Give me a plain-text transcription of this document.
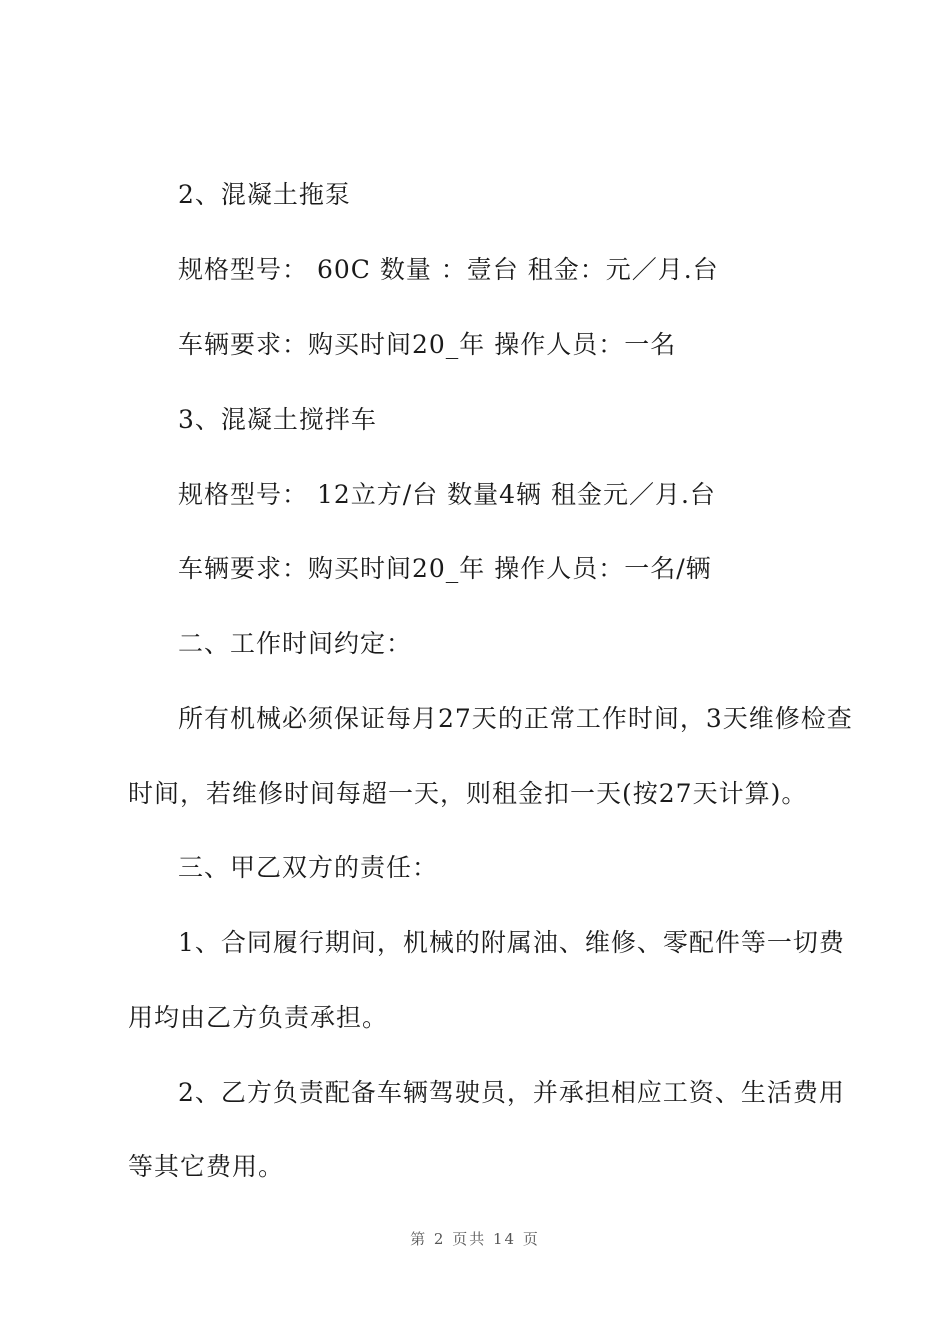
2、混凝土拖泵
规格型号： 60C 数量 ：壹台 租金：元／月.台
车辆要求：购买时间20_年 操作人员：一名
3、混凝土搅拌车
规格型号： 12立方/台 数量4辆 租金元／月.台
车辆要求：购买时间20_年 操作人员：一名/辆
二、工作时间约定：
所有机械必须保证每月27天的正常工作时间，3天维修检查
时间，若维修时间每超一天，则租金扣一天(按27天计算)。
三、甲乙双方的责任：
1、合同履行期间，机械的附属油、维修、零配件等一切费
用均由乙方负责承担。
2、乙方负责配备车辆驾驶员，并承担相应工资、生活费用
等其它费用。
第 2 页共 14 页
